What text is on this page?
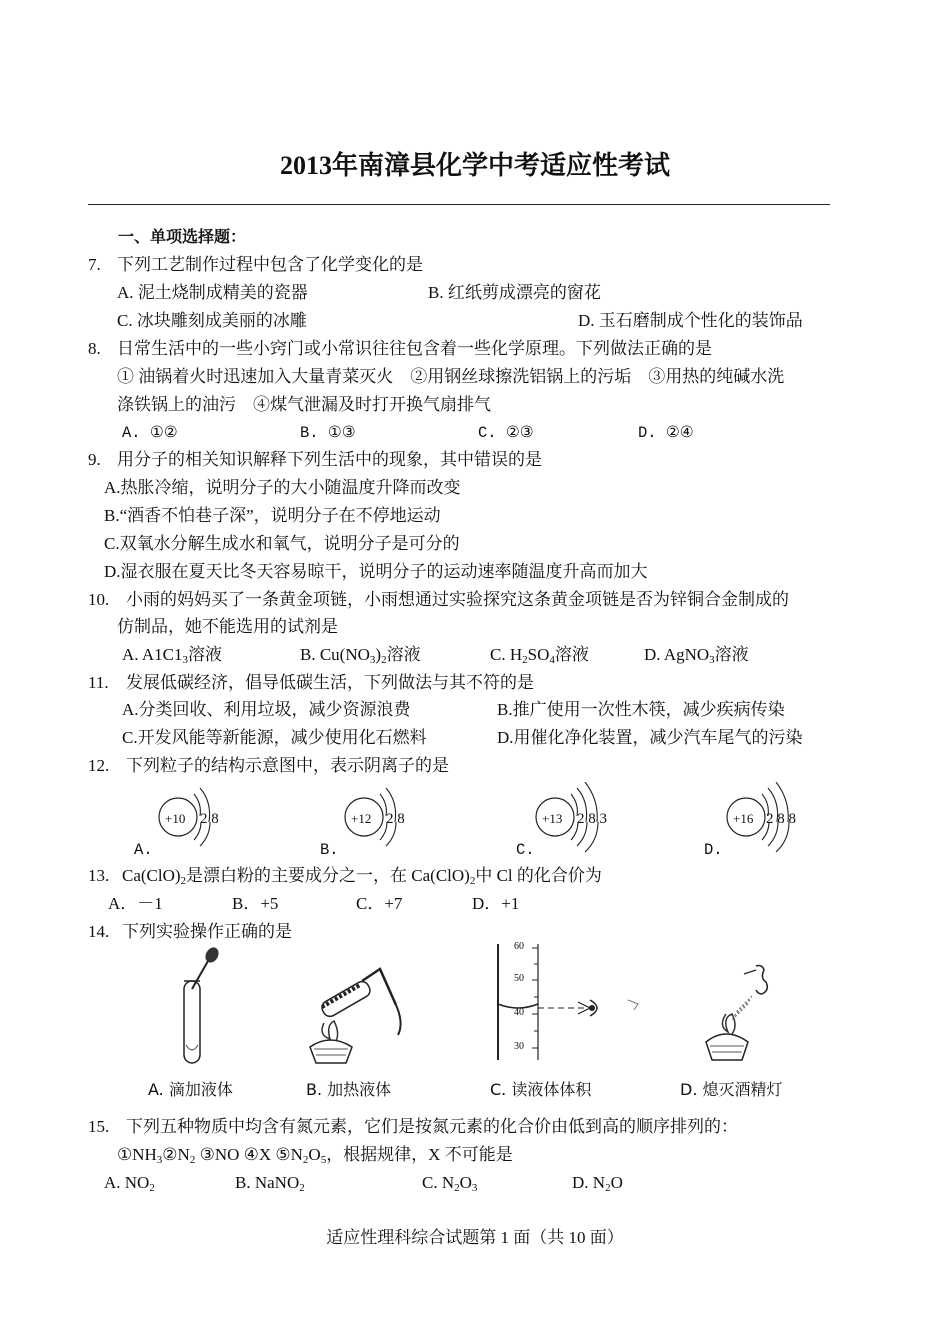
2013年南漳县化学中考适应性考试
一、单项选择题：
7. 下列工艺制作过程中包含了化学变化的是
A. 泥土烧制成精美的瓷器	B. 红纸剪成漂亮的窗花
C. 冰块雕刻成美丽的冰雕	D. 玉石磨制成个性化的装饰品
8. 日常生活中的一些小窍门或小常识往往包含着一些化学原理。下列做法正确的是
① 油锅着火时迅速加入大量青菜灭火　②用钢丝球擦洗铝锅上的污垢　③用热的纯碱水洗
涤铁锅上的油污　④煤气泄漏及时打开换气扇排气
A. ①②	B. ①③	C. ②③	D. ②④
9. 用分子的相关知识解释下列生活中的现象，其中错误的是
A.热胀冷缩，说明分子的大小随温度升降而改变
B.“酒香不怕巷子深”，说明分子在不停地运动
C.双氧水分解生成水和氧气，说明分子是可分的
D.湿衣服在夏天比冬天容易晾干，说明分子的运动速率随温度升高而加大
10. 小雨的妈妈买了一条黄金项链，小雨想通过实验探究这条黄金项链是否为锌铜合金制成的
仿制品，她不能选用的试剂是
A. $A1C1_3$溶液	B. $Cu(NO_3)_2$溶液	C. $H_2SO_4$溶液	D. AgNO$_3$溶液
11. 发展低碳经济，倡导低碳生活，下列做法与其不符的是
A.分类回收、利用垃圾，减少资源浪费	B.推广使用一次性木筷，减少疾病传染
C.开发风能等新能源，减少使用化石燃料	D.用催化净化装置，减少汽车尾气的污染
12. 下列粒子的结构示意图中，表示阴离子的是
+10 2 8
A.
+12 2 8
B.
+13 2 8 3
C.
+16 2 8 8
D.
13. $Ca(ClO)_2$是漂白粉的主要成分之一，在 $Ca(ClO)_2$中 Cl 的化合价为
A．－1	B．+5	C．+7	D．+1
14. 下列实验操作正确的是
60
50
40
30
A. 滴加液体	B. 加热液体	C. 读液体体积	D. 熄灭酒精灯
15. 下列五种物质中均含有氮元素，它们是按氮元素的化合价由低到高的顺序排列的：
$①NH_3②N_2$ ③NO ④X $⑤N_2O_5$，根据规律，X 不可能是
A. $NO_2$	B. NaNO$_2$	C. $N_2O_3$	D. $N_2O$
适应性理科综合试题第 1 面（共 10 面）
